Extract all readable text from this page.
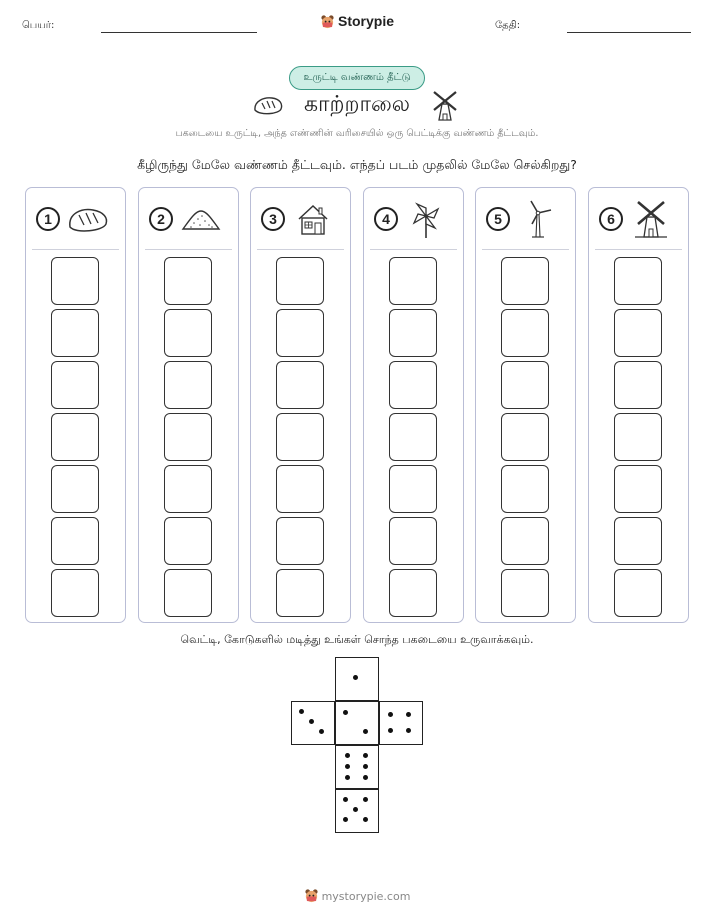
பெயர்:	Storypie	தேதி:
உருட்டி வண்ணம் தீட்டு
காற்றாலை
பகடையை உருட்டி, அந்த எண்ணின் வரிசையில் ஒரு பெட்டிக்கு வண்ணம் தீட்டவும்.
கீழிருந்து மேலே வண்ணம் தீட்டவும். எந்தப் படம் முதலில் மேலே செல்கிறது?
1	2	3	4	5	6
வெட்டி, கோடுகளில் மடித்து உங்கள் சொந்த பகடையை உருவாக்கவும்.
mystorypie.com
